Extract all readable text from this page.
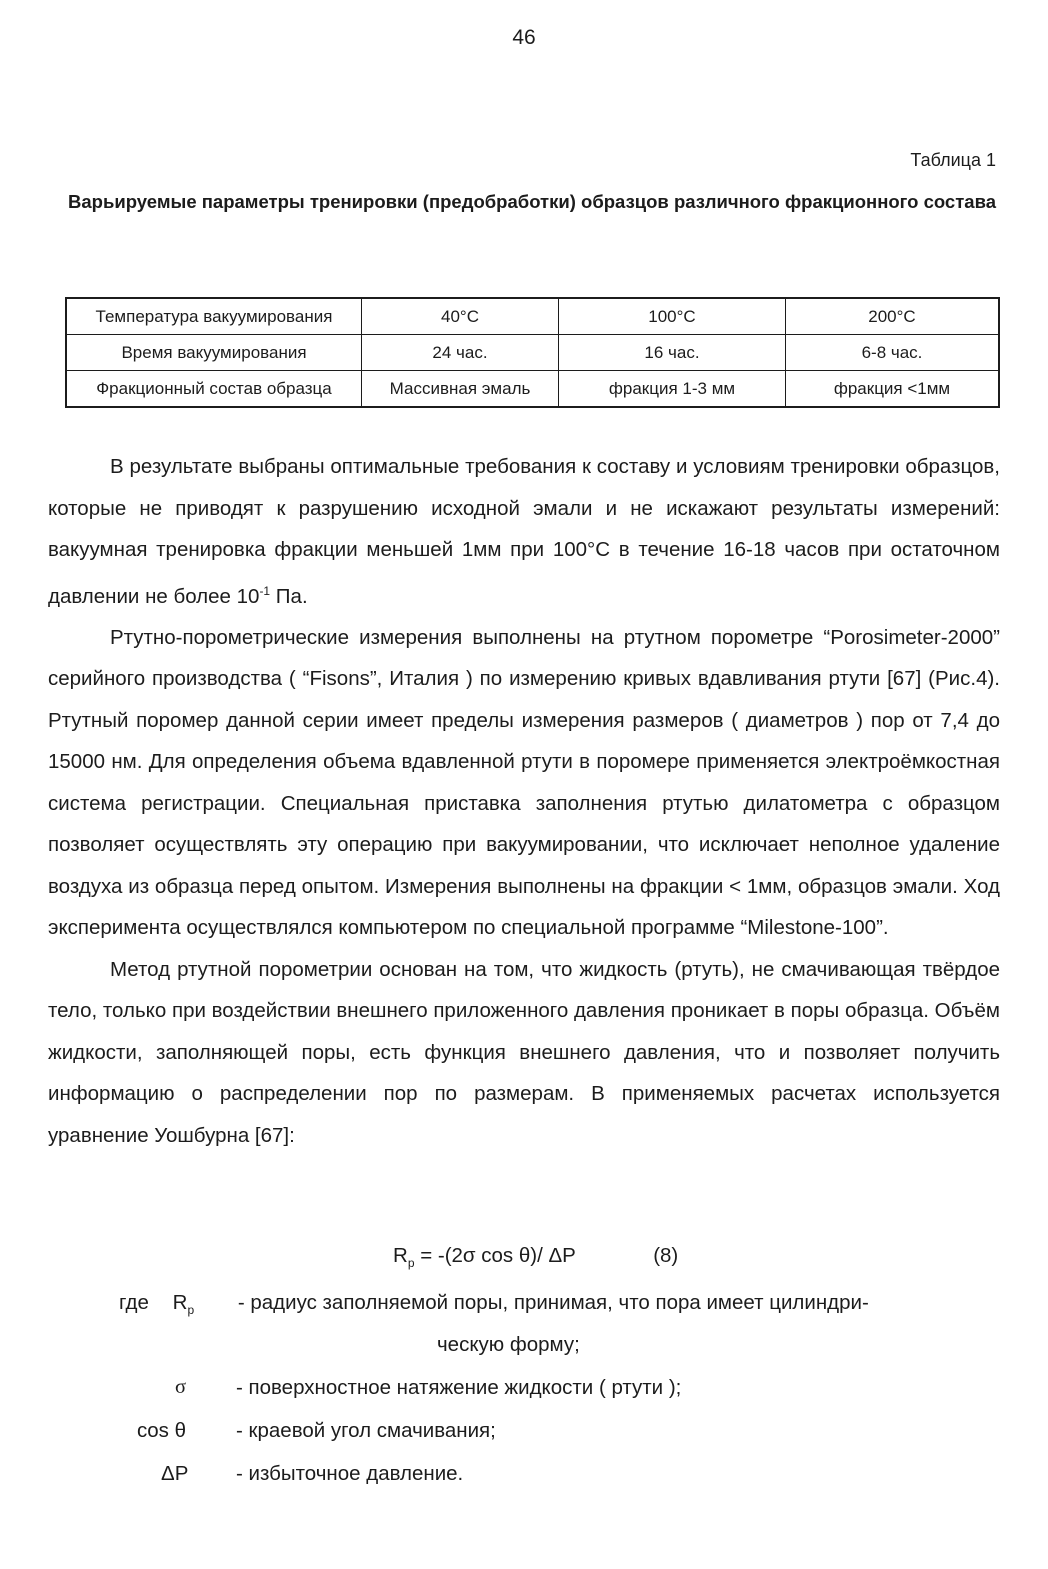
46
Таблица 1
Варьируемые параметры тренировки (предобработки) образцов различного фракционного состава
Температура вакуумирования	40°C	100°C	200°C
Время вакуумирования	24 час.	16 час.	6-8 час.
Фракционный состав образца	Массивная эмаль	фракция 1-3 мм	фракция <1мм

В результате выбраны оптимальные требования к составу и условиям тренировки образцов, которые не приводят к разрушению исходной эмали и не искажают результаты измерений: вакуумная тренировка фракции меньшей 1мм при 100°C в течение 16-18 часов при остаточном давлении не более $10^{-1}$ Па.

Ртутно-порометрические измерения выполнены на ртутном порометре “Porosimeter-2000” серийного производства ( “Fisons”, Италия ) по измерению кривых вдавливания ртути [67] (Рис.4). Ртутный поромер данной серии имеет пределы измерения размеров ( диаметров ) пор от 7,4 до 15000 нм. Для определения объема вдавленной ртути в поромере применяется электроёмкостная система регистрации. Специальная приставка заполнения ртутью дилатометра с образцом позволяет осуществлять эту операцию при вакуумировании, что исключает неполное удаление воздуха из образца перед опытом. Измерения выполнены на фракции < 1мм, образцов эмали. Ход эксперимента осуществлялся компьютером по специальной программе “Milestone-100”.

Метод ртутной порометрии основан на том, что жидкость (ртуть), не смачивающая твёрдое тело, только при воздействии внешнего приложенного давления проникает в поры образца. Объём жидкости, заполняющей поры, есть функция внешнего давления, что и позволяет получить информацию о распределении пор по размерам. В применяемых расчетах используется уравнение Уошбурна [67]:

$R_p = -(2\sigma$ cos θ)/ ΔP	(8)
где $R_p$ - радиус заполняемой поры, принимая, что пора имеет цилиндри-
ческую форму;
σ - поверхностное натяжение жидкости ( ртути );
cos θ - краевой угол смачивания;
ΔP - избыточное давление.
